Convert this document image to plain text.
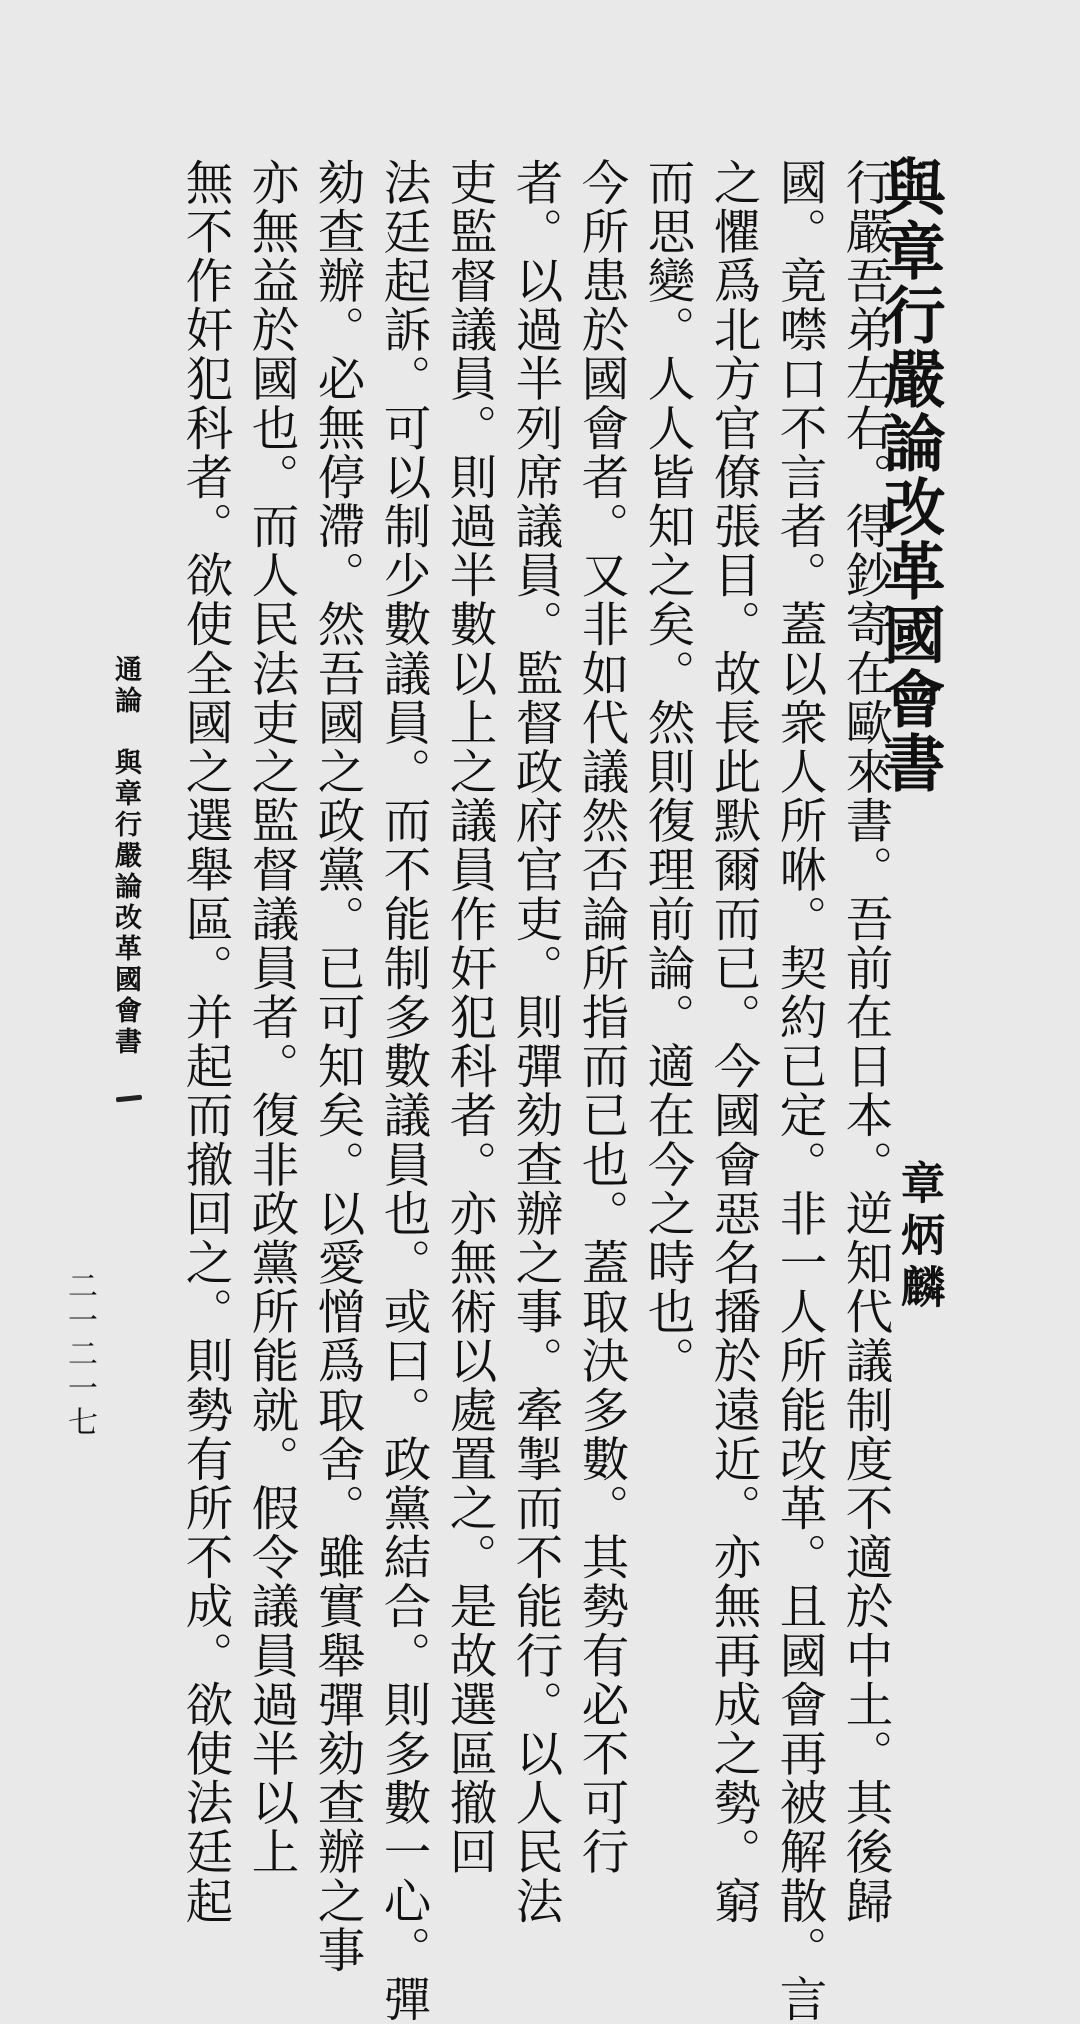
與章行嚴論改革國會書
章炳麟
行嚴吾弟左右。得鈔寄在歐來書。吾前在日本。逆知代議制度不適於中土。其後歸
國。竟噤口不言者。蓋以衆人所咻。契約已定。非一人所能改革。且國會再被解散。言
之懼爲北方官僚張目。故長此默爾而已。今國會惡名播於遠近。亦無再成之勢。窮
而思變。人人皆知之矣。然則復理前論。適在今之時也。
今所患於國會者。又非如代議然否論所指而已也。蓋取決多數。其勢有必不可行
者。以過半列席議員。監督政府官吏。則彈劾查辦之事。牽掣而不能行。以人民法
吏監督議員。則過半數以上之議員作奸犯科者。亦無術以處置之。是故選區撤回
法廷起訴。可以制少數議員。而不能制多數議員也。或曰。政黨結合。則多數一心。彈
劾查辦。必無停滯。然吾國之政黨。已可知矣。以愛憎爲取舍。雖實舉彈劾查辦之事
亦無益於國也。而人民法吏之監督議員者。復非政黨所能就。假令議員過半以上
無不作奸犯科者。欲使全國之選舉區。并起而撤回之。則勢有所不成。欲使法廷起
通論　與章行嚴論改革國會書
二一二一七
